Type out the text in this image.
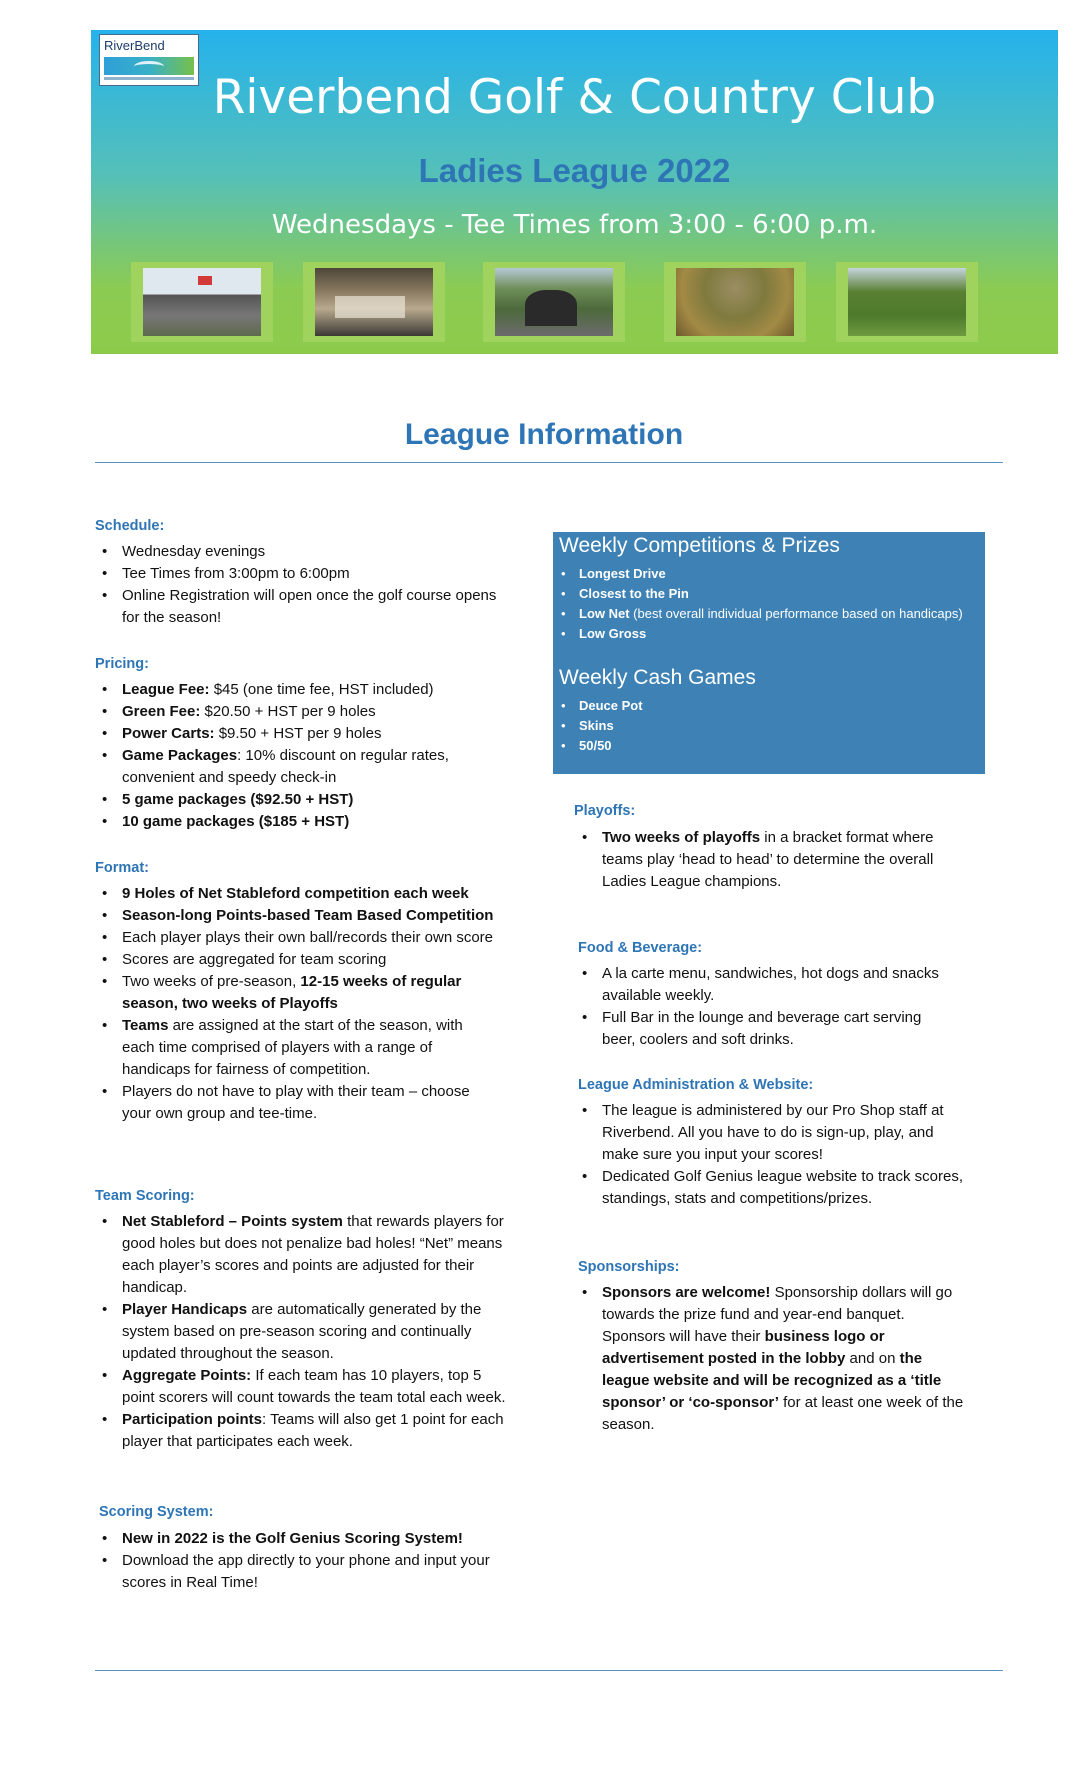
RiverBend
Riverbend Golf & Country Club
Ladies League 2022
Wednesdays - Tee Times from 3:00 - 6:00 p.m.
League Information
Schedule:
• Wednesday evenings
• Tee Times from 3:00pm to 6:00pm
• Online Registration will open once the golf course opens for the season!
Pricing:
• League Fee: $45 (one time fee, HST included)
• Green Fee: $20.50 + HST per 9 holes
• Power Carts: $9.50 + HST per 9 holes
• Game Packages: 10% discount on regular rates, convenient and speedy check-in
• 5 game packages ($92.50 + HST)
• 10 game packages ($185 + HST)
Format:
• 9 Holes of Net Stableford competition each week
• Season-long Points-based Team Based Competition
• Each player plays their own ball/records their own score
• Scores are aggregated for team scoring
• Two weeks of pre-season, 12-15 weeks of regular season, two weeks of Playoffs
• Teams are assigned at the start of the season, with each time comprised of players with a range of handicaps for fairness of competition.
• Players do not have to play with their team – choose your own group and tee-time.
Team Scoring:
• Net Stableford – Points system that rewards players for good holes but does not penalize bad holes! “Net” means each player’s scores and points are adjusted for their handicap.
• Player Handicaps are automatically generated by the system based on pre-season scoring and continually updated throughout the season.
• Aggregate Points: If each team has 10 players, top 5 point scorers will count towards the team total each week.
• Participation points: Teams will also get 1 point for each player that participates each week.
Scoring System:
• New in 2022 is the Golf Genius Scoring System!
• Download the app directly to your phone and input your scores in Real Time!
Weekly Competitions & Prizes
• Longest Drive
• Closest to the Pin
• Low Net (best overall individual performance based on handicaps)
• Low Gross
Weekly Cash Games
• Deuce Pot
• Skins
• 50/50
Playoffs:
• Two weeks of playoffs in a bracket format where teams play ‘head to head’ to determine the overall Ladies League champions.
Food & Beverage:
• A la carte menu, sandwiches, hot dogs and snacks available weekly.
• Full Bar in the lounge and beverage cart serving beer, coolers and soft drinks.
League Administration & Website:
• The league is administered by our Pro Shop staff at Riverbend. All you have to do is sign-up, play, and make sure you input your scores!
• Dedicated Golf Genius league website to track scores, standings, stats and competitions/prizes.
Sponsorships:
• Sponsors are welcome! Sponsorship dollars will go towards the prize fund and year-end banquet. Sponsors will have their business logo or advertisement posted in the lobby and on the league website and will be recognized as a ‘title sponsor’ or ‘co-sponsor’ for at least one week of the season.
